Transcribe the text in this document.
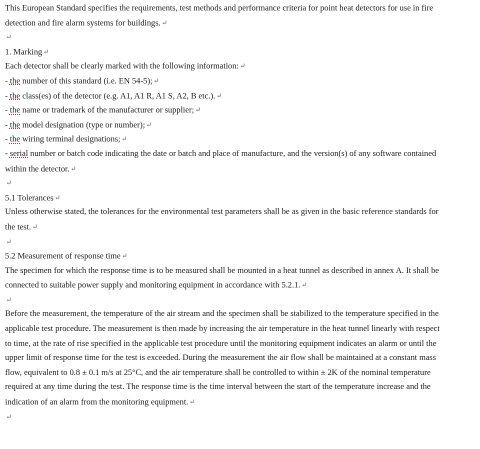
This European Standard specifies the requirements, test methods and performance criteria for point heat detectors for use in fire
detection and fire alarm systems for buildings.↵
↵
1. Marking↵
Each detector shall be clearly marked with the following information:↵
- the number of this standard (i.e. EN 54-5);↵
- the class(es) of the detector (e.g. A1, A1 R, A1 S, A2, B etc.).↵
- the name or trademark of the manufacturer or supplier;↵
- the model designation (type or number);↵
- the wiring terminal designations;↵
- serial number or batch code indicating the date or batch and place of manufacture, and the version(s) of any software contained
within the detector.↵
↵
5.1 Tolerances↵
Unless otherwise stated, the tolerances for the environmental test parameters shall be as given in the basic reference standards for
the test.↵
↵
5.2 Measurement of response time↵
The specimen for which the response time is to be measured shall be mounted in a heat tunnel as described in annex A. It shall be
connected to suitable power supply and monitoring equipment in accordance with 5.2.1.↵
↵
Before the measurement, the temperature of the air stream and the specimen shall be stabilized to the temperature specified in the
applicable test procedure. The measurement is then made by increasing the air temperature in the heat tunnel linearly with respect
to time, at the rate of rise specified in the applicable test procedure until the monitoring equipment indicates an alarm or until the
upper limit of response time for the test is exceeded. During the measurement the air flow shall be maintained at a constant mass
flow, equivalent to 0.8 ± 0.1 m/s at 25°C, and the air temperature shall be controlled to within ± 2K of the nominal temperature
required at any time during the test. The response time is the time interval between the start of the temperature increase and the
indication of an alarm from the monitoring equipment.↵
↵
